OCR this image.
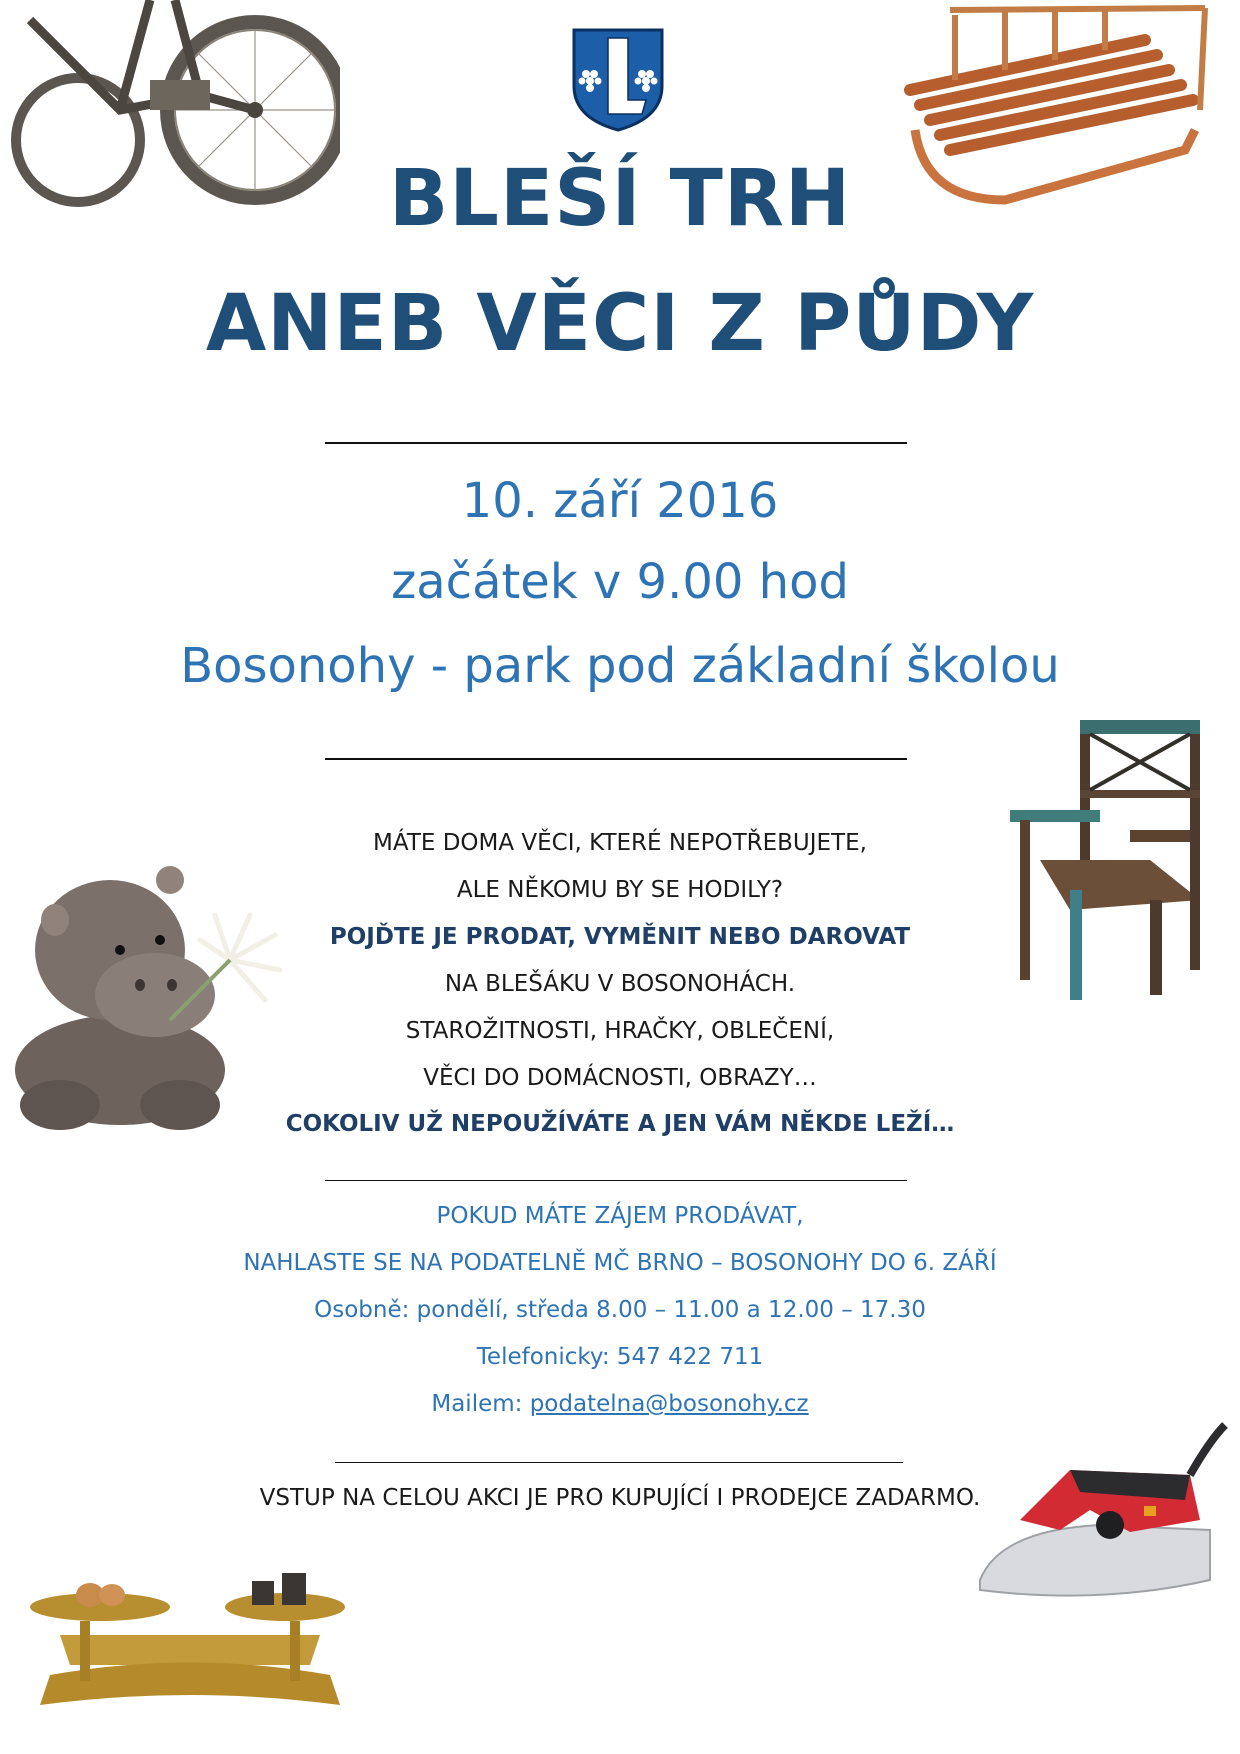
BLEŠÍ TRH
ANEB VĚCI Z PŮDY
10. září 2016
začátek v 9.00 hod
Bosonohy - park pod základní školou
MÁTE DOMA VĚCI, KTERÉ NEPOTŘEBUJETE,
ALE NĚKOMU BY SE HODILY?
POJĎTE JE PRODAT, VYMĚNIT NEBO DAROVAT
NA BLEŠÁKU V BOSONOHÁCH.
STAROŽITNOSTI, HRAČKY, OBLEČENÍ,
VĚCI DO DOMÁCNOSTI, OBRAZY…
COKOLIV UŽ NEPOUŽÍVÁTE A JEN VÁM NĚKDE LEŽÍ…
POKUD MÁTE ZÁJEM PRODÁVAT,
NAHLASTE SE NA PODATELNĚ MČ BRNO – BOSONOHY DO 6. ZÁŘÍ
Osobně: pondělí, středa 8.00 – 11.00 a 12.00 – 17.30
Telefonicky: 547 422 711
Mailem: podatelna@bosonohy.cz
VSTUP NA CELOU AKCI JE PRO KUPUJÍCÍ I PRODEJCE ZADARMO.
